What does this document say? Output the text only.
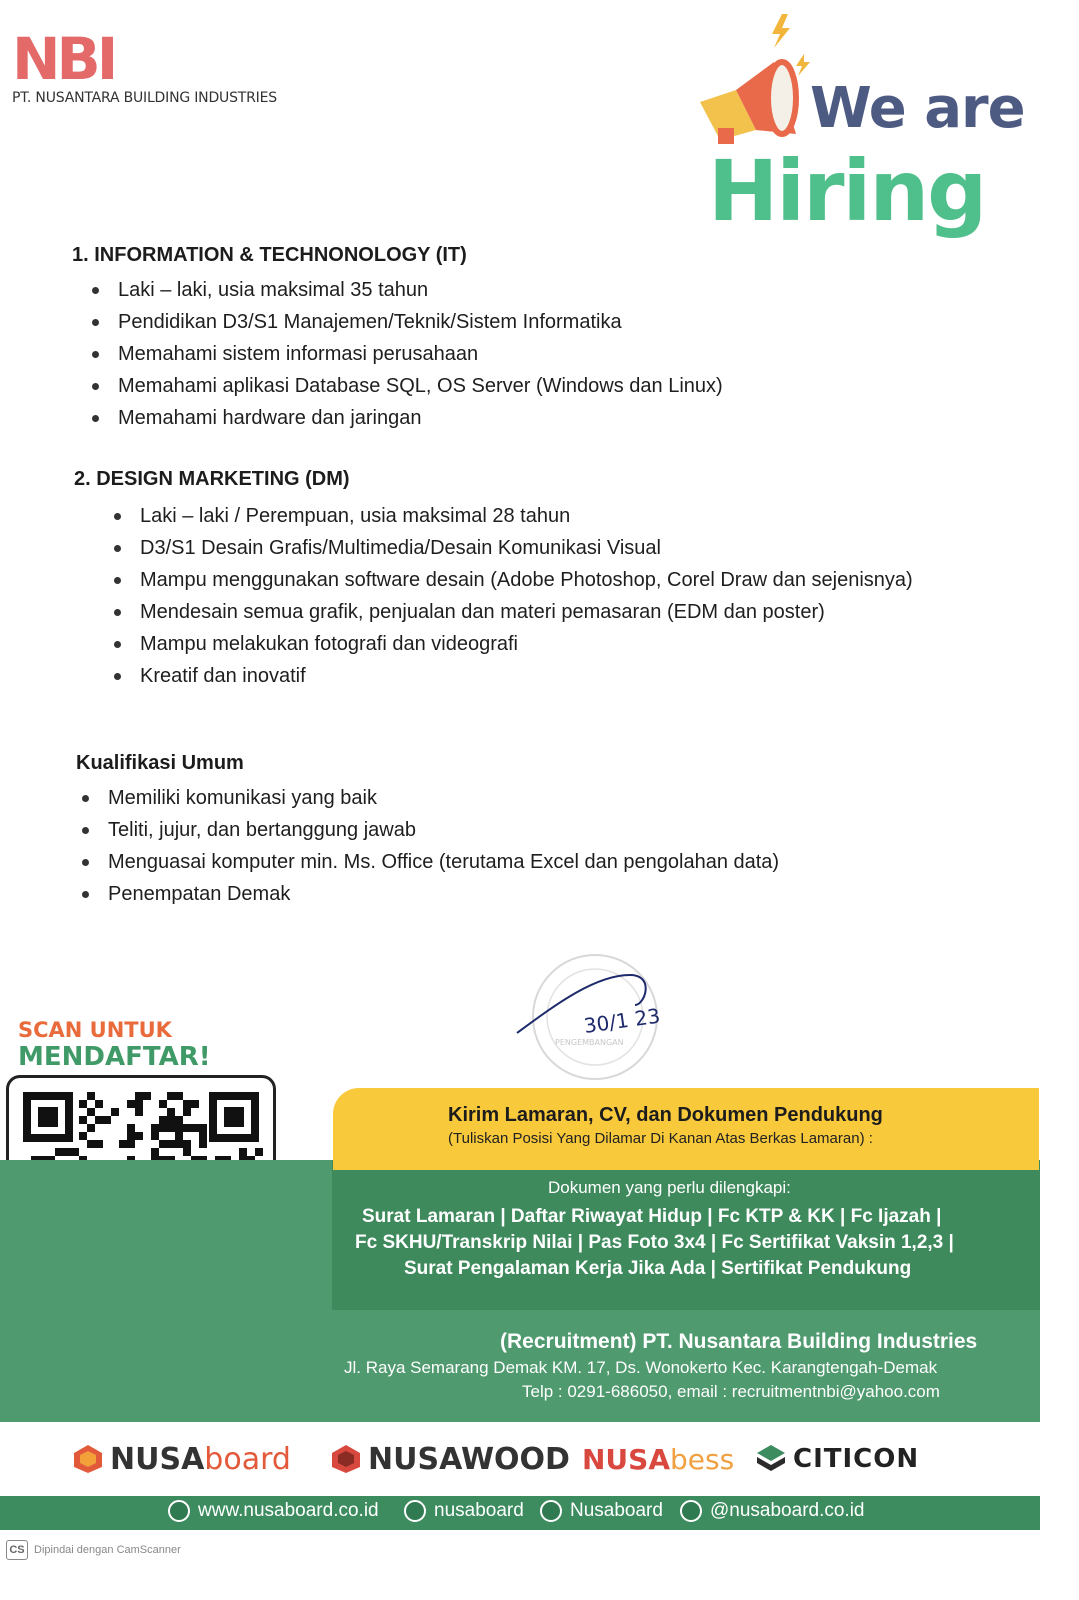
NBI
PT. NUSANTARA BUILDING INDUSTRIES	We are
Hiring
1. INFORMATION & TECHNONOLOGY (IT)
Laki – laki, usia maksimal 35 tahun
Pendidikan D3/S1 Manajemen/Teknik/Sistem Informatika
Memahami sistem informasi perusahaan
Memahami aplikasi Database SQL, OS Server (Windows dan Linux)
Memahami hardware dan jaringan
2. DESIGN MARKETING (DM)
Laki – laki / Perempuan, usia maksimal 28 tahun
D3/S1 Desain Grafis/Multimedia/Desain Komunikasi Visual
Mampu menggunakan software desain (Adobe Photoshop, Corel Draw dan sejenisnya)
Mendesain semua grafik, penjualan dan materi pemasaran (EDM dan poster)
Mampu melakukan fotografi dan videografi
Kreatif dan inovatif
Kualifikasi Umum
Memiliki komunikasi yang baik
Teliti, jujur, dan bertanggung jawab
Menguasai komputer min. Ms. Office (terutama Excel dan pengolahan data)
Penempatan Demak
PENGEMBANGAN
30/1 23
SCAN UNTUK
MENDAFTAR!
Kirim Lamaran, CV, dan Dokumen Pendukung
(Tuliskan Posisi Yang Dilamar Di Kanan Atas Berkas Lamaran) :
Dokumen yang perlu dilengkapi:
Surat Lamaran | Daftar Riwayat Hidup | Fc KTP & KK | Fc Ijazah |
Fc SKHU/Transkrip Nilai | Pas Foto 3x4 | Fc Sertifikat Vaksin 1,2,3 |
Surat Pengalaman Kerja Jika Ada | Sertifikat Pendukung
(Recruitment) PT. Nusantara Building Industries
Jl. Raya Semarang Demak KM. 17, Ds. Wonokerto Kec. Karangtengah-Demak
Telp : 0291-686050, email : recruitmentnbi@yahoo.com
NUSA board	NUSAWOOD NUSA bess CITICON
www.nusaboard.co.id	nusaboard Nusaboard @nusaboard.co.id
CS Dipindai dengan CamScanner
